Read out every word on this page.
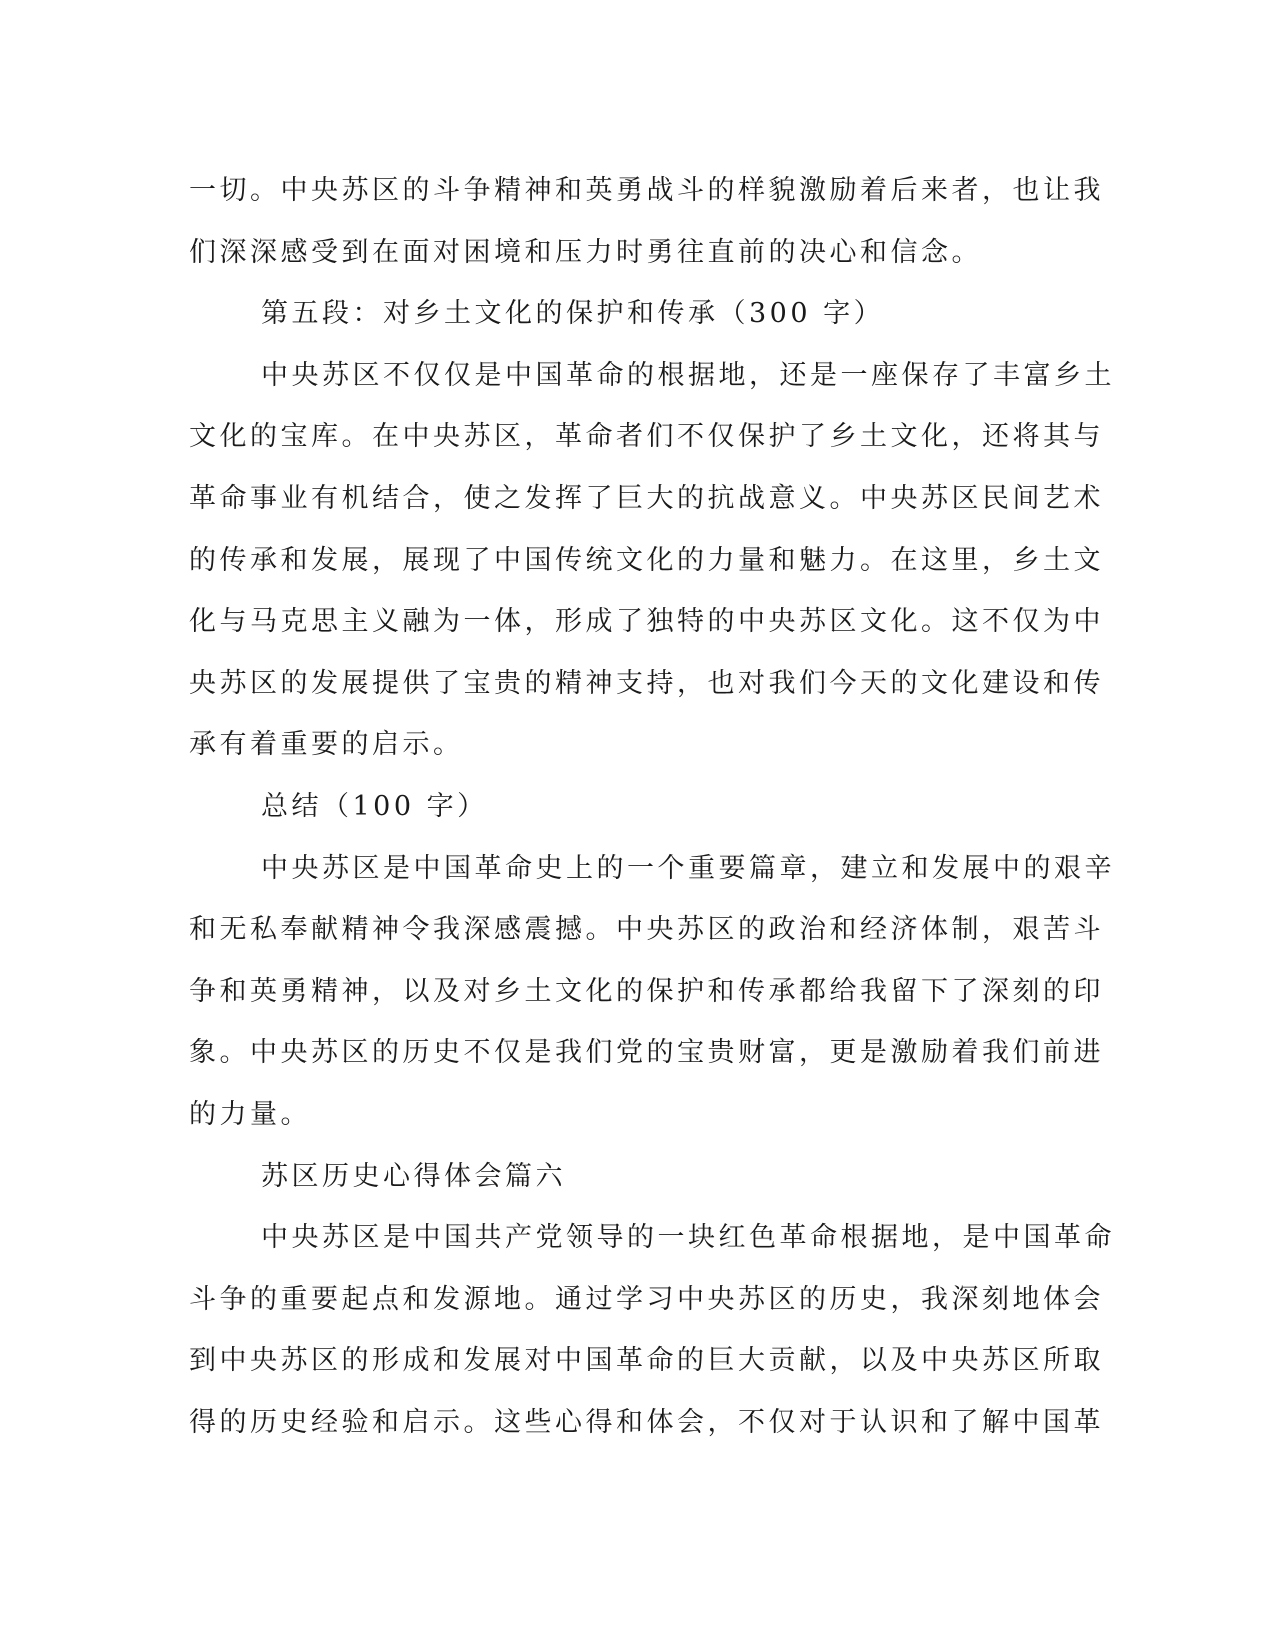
一切。中央苏区的斗争精神和英勇战斗的样貌激励着后来者，也让我
们深深感受到在面对困境和压力时勇往直前的决心和信念。
第五段：对乡土文化的保护和传承（300 字）
中央苏区不仅仅是中国革命的根据地，还是一座保存了丰富乡土
文化的宝库。在中央苏区，革命者们不仅保护了乡土文化，还将其与
革命事业有机结合，使之发挥了巨大的抗战意义。中央苏区民间艺术
的传承和发展，展现了中国传统文化的力量和魅力。在这里，乡土文
化与马克思主义融为一体，形成了独特的中央苏区文化。这不仅为中
央苏区的发展提供了宝贵的精神支持，也对我们今天的文化建设和传
承有着重要的启示。
总结（100 字）
中央苏区是中国革命史上的一个重要篇章，建立和发展中的艰辛
和无私奉献精神令我深感震撼。中央苏区的政治和经济体制，艰苦斗
争和英勇精神，以及对乡土文化的保护和传承都给我留下了深刻的印
象。中央苏区的历史不仅是我们党的宝贵财富，更是激励着我们前进
的力量。
苏区历史心得体会篇六
中央苏区是中国共产党领导的一块红色革命根据地，是中国革命
斗争的重要起点和发源地。通过学习中央苏区的历史，我深刻地体会
到中央苏区的形成和发展对中国革命的巨大贡献，以及中央苏区所取
得的历史经验和启示。这些心得和体会，不仅对于认识和了解中国革
